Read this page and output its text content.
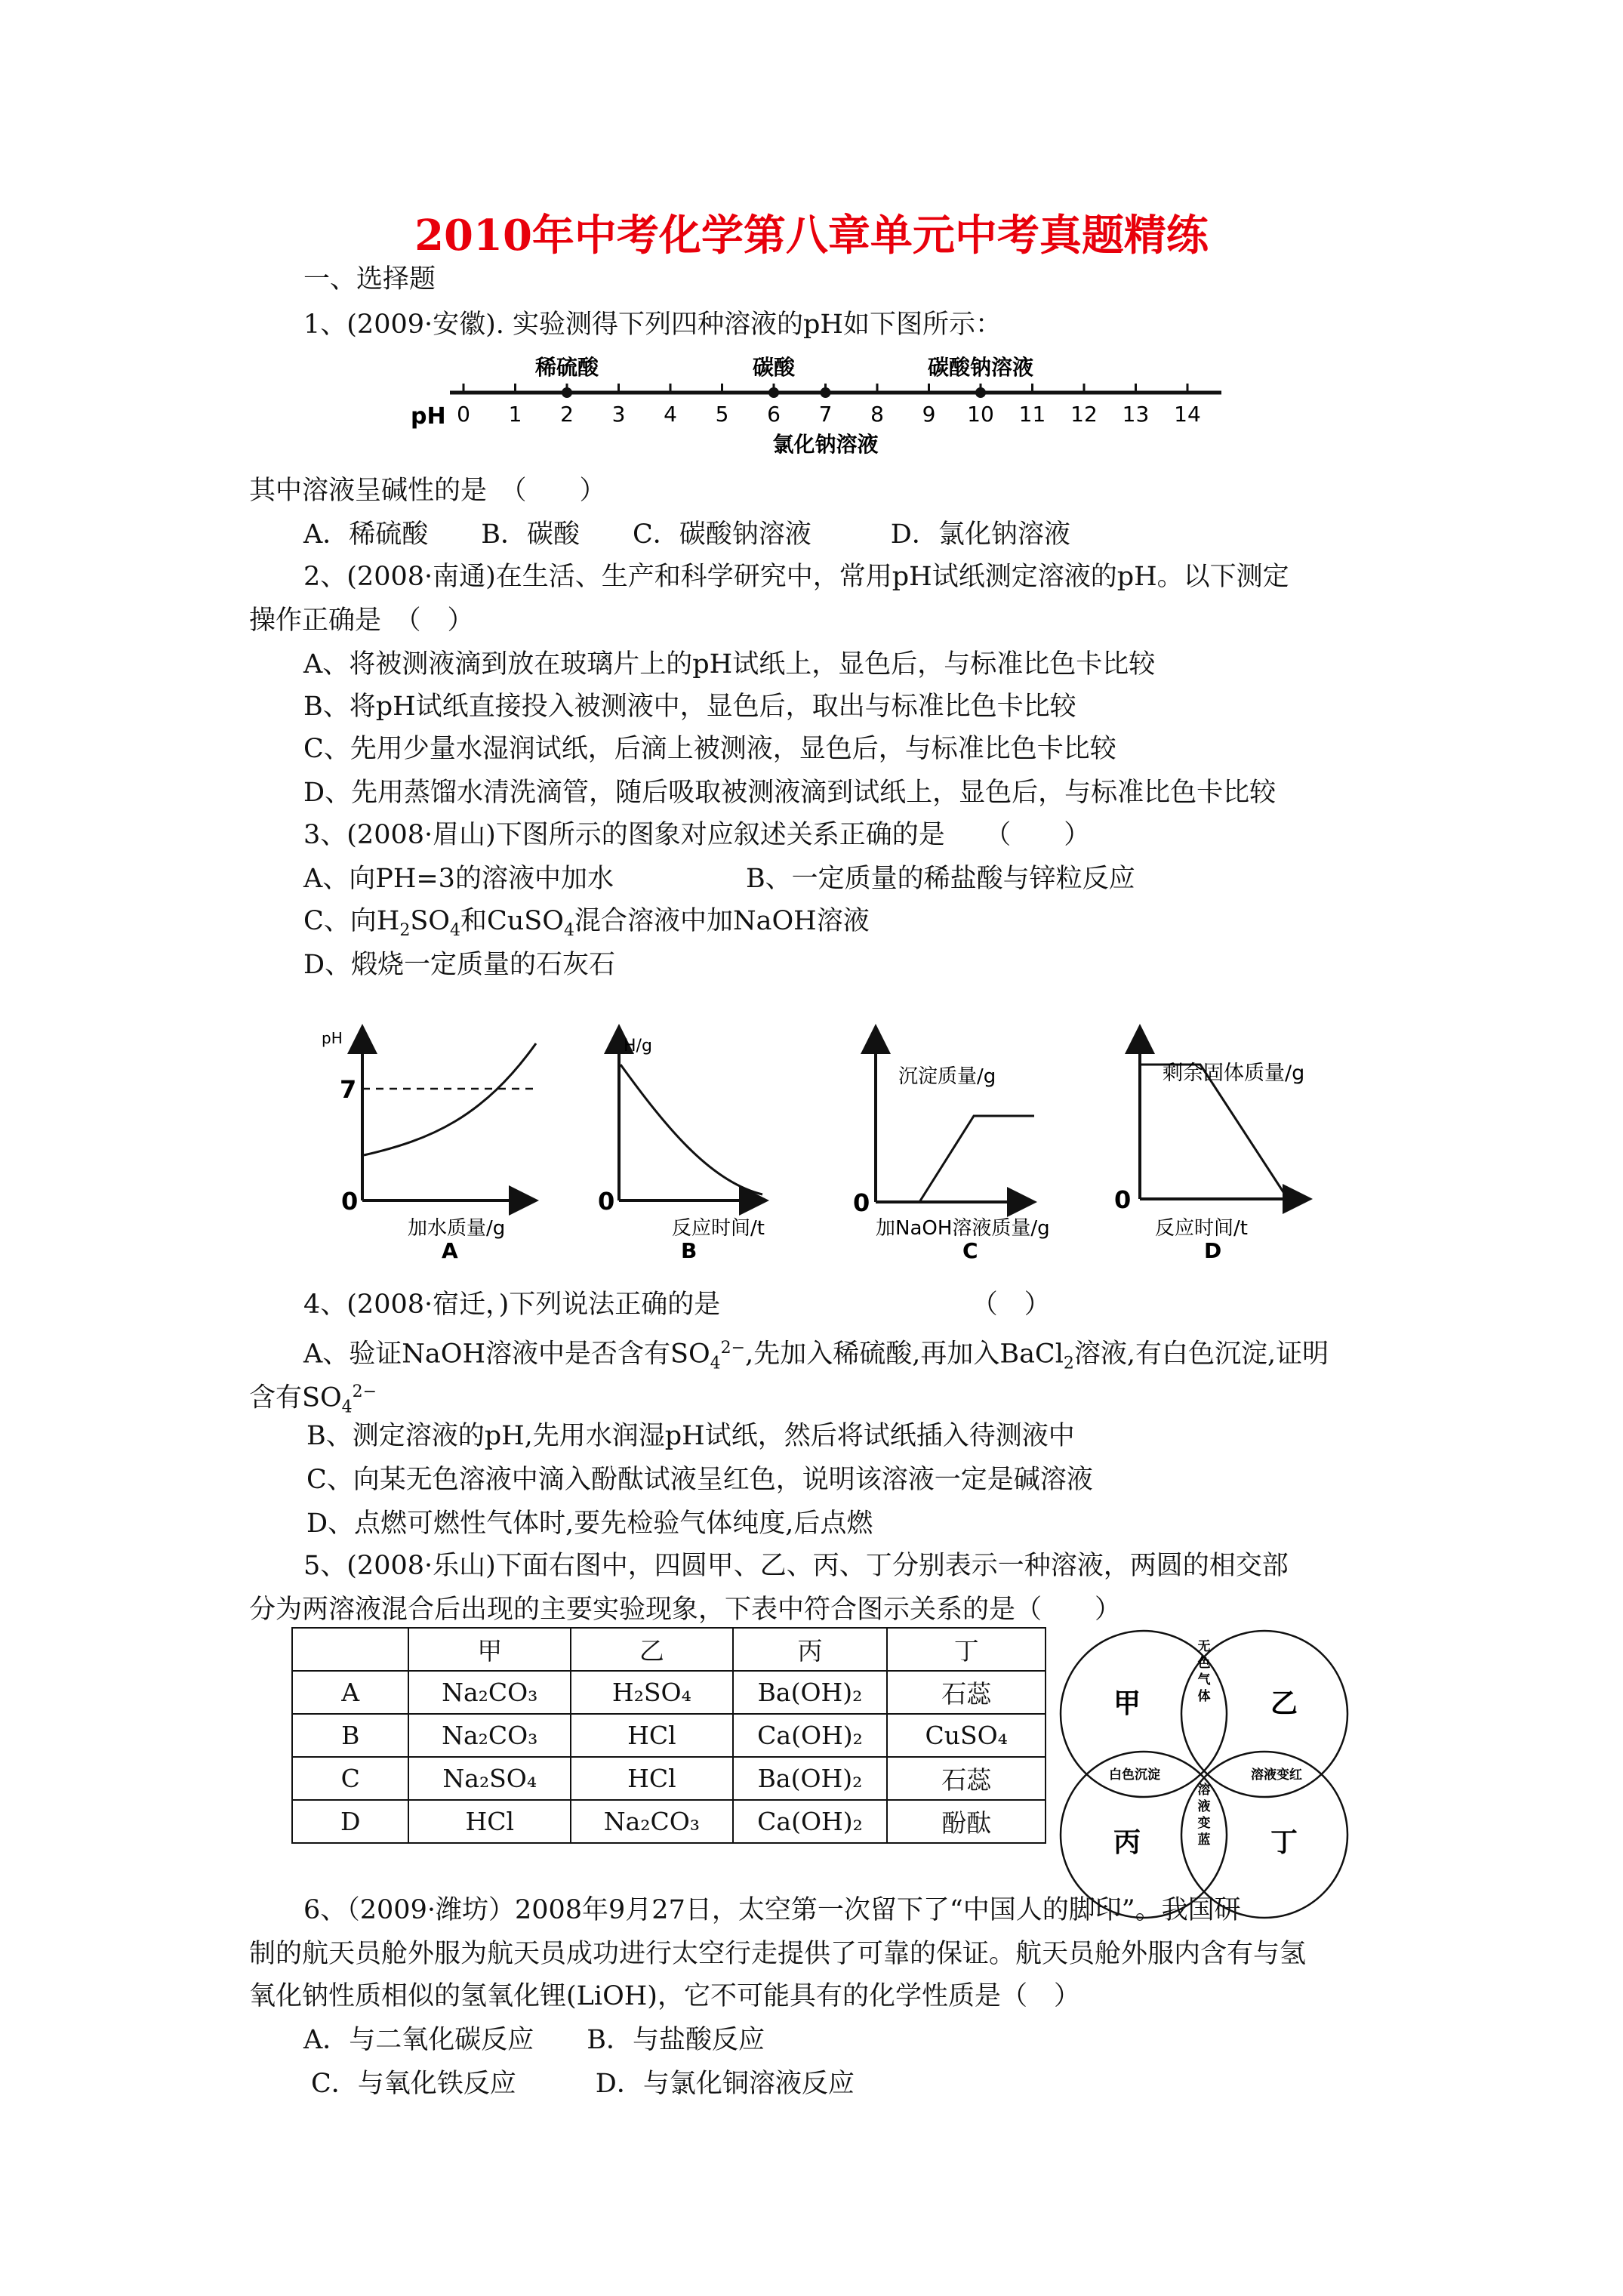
2010年中考化学第八章单元中考真题精练
一、选择题
1、(2009·安徽). 实验测得下列四种溶液的pH如下图所示：
pH 0 1 2 3 4 5 6 7 8 9 10 11 12 13 14
稀硫酸	碳酸	碳酸钠溶液
氯化钠溶液
其中溶液呈碱性的是　（　　）
A．稀硫酸　　B．碳酸　　C．碳酸钠溶液　　　D．氯化钠溶液
2、(2008·南通)在生活、生产和科学研究中，常用pH试纸测定溶液的pH。以下测定
操作正确是　（　）
A、将被测液滴到放在玻璃片上的pH试纸上，显色后，与标准比色卡比较
B、将pH试纸直接投入被测液中，显色后，取出与标准比色卡比较
C、先用少量水湿润试纸，后滴上被测液，显色后，与标准比色卡比较
D、先用蒸馏水清洗滴管，随后吸取被测液滴到试纸上，显色后，与标准比色卡比较
3、(2008·眉山)下图所示的图象对应叙述关系正确的是　　（　　）
A、向PH=3的溶液中加水　　　　　B、一定质量的稀盐酸与锌粒反应
C、向$H_2SO_4$和CuSO$_4$混合溶液中加NaOH溶液
D、煅烧一定质量的石灰石
pH
7
0
加水质量/g
A
H/g
0
反应时间/t
B
沉淀质量/g
0
加NaOH溶液质量/g
C
剩余固体质量/g
0
反应时间/t
D
4、(2008·宿迁，)下列说法正确的是　　　　　　　　　　（　）
A、验证NaOH溶液中是否含有$SO_4^{2-}$,先加入稀硫酸,再加入BaCl$_2$溶液,有白色沉淀,证明
含有$SO_4^{2-}$
B、测定溶液的pH,先用水润湿pH试纸，然后将试纸插入待测液中
C、向某无色溶液中滴入酚酞试液呈红色，说明该溶液一定是碱溶液
D、点燃可燃性气体时,要先检验气体纯度,后点燃
5、(2008·乐山)下面右图中，四圆甲、乙、丙、丁分别表示一种溶液，两圆的相交部
分为两溶液混合后出现的主要实验现象，下表中符合图示关系的是（　　）
	甲	乙	丙	丁
A	Na₂CO₃	H₂SO₄	Ba(OH)₂	石蕊
B	Na₂CO₃	HCl	Ca(OH)₂	CuSO₄
C	Na₂SO₄	HCl	Ba(OH)₂	石蕊
D	HCl	Na₂CO₃	Ca(OH)₂	酚酞
甲	乙
丙	丁
无
色
气
体
白色沉淀	溶液变红
溶
液
变
蓝
6、（2009·潍坊）2008年9月27日，太空第一次留下了“中国人的脚印”。我国研
制的航天员舱外服为航天员成功进行太空行走提供了可靠的保证。航天员舱外服内含有与氢
氧化钠性质相似的氢氧化锂(LiOH)，它不可能具有的化学性质是（　）
A．与二氧化碳反应　　B．与盐酸反应
C．与氧化铁反应　　　D．与氯化铜溶液反应
